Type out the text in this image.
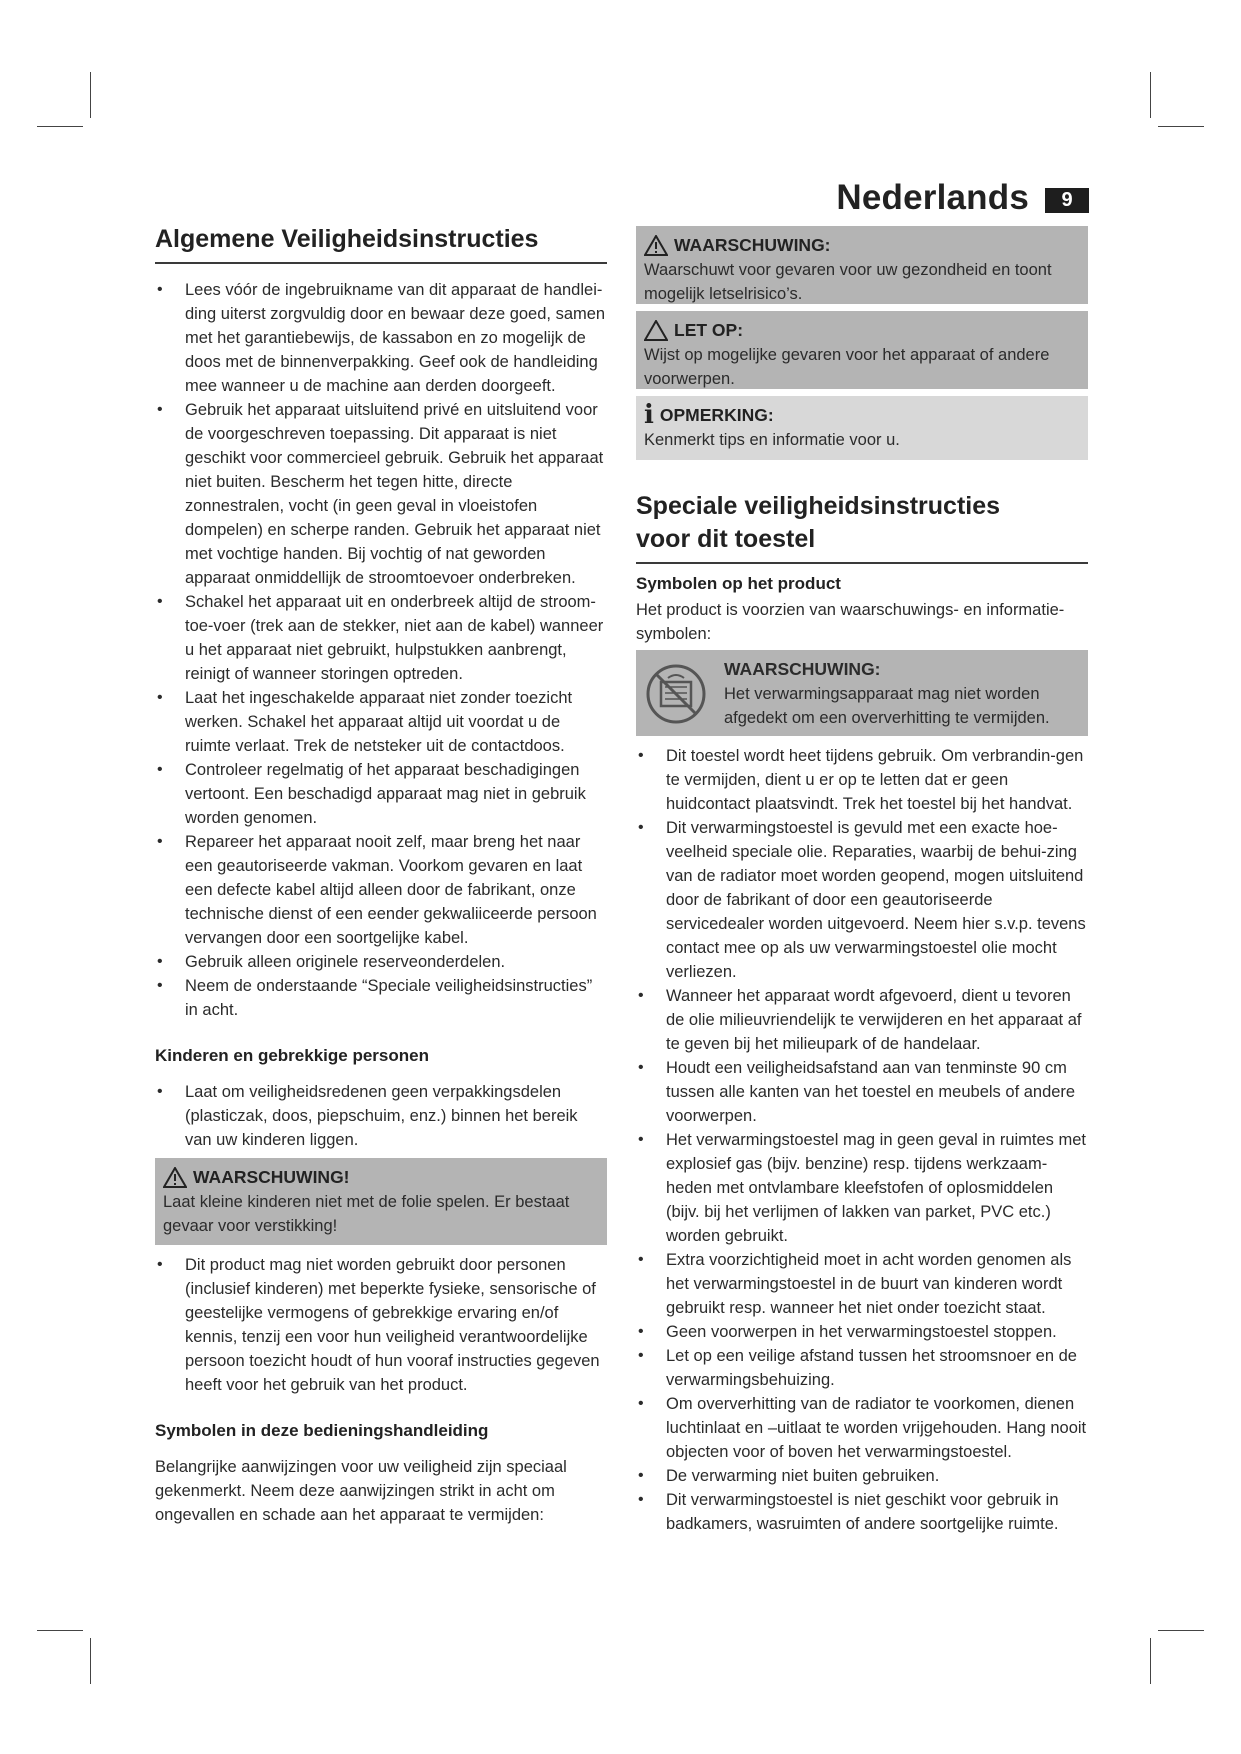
Nederlands	9
Algemene Veiligheidsinstructies
• Lees vóór de ingebruikname van dit apparaat de handlei-ding uiterst zorgvuldig door en bewaar deze goed, samen met het garantiebewijs, de kassabon en zo mogelijk de doos met de binnenverpakking. Geef ook de handleiding mee wanneer u de machine aan derden doorgeeft.
• Gebruik het apparaat uitsluitend privé en uitsluitend voor de voorgeschreven toepassing. Dit apparaat is niet geschikt voor commercieel gebruik. Gebruik het apparaat niet buiten. Bescherm het tegen hitte, directe zonnestralen, vocht (in geen geval in vloeistofen dompelen) en scherpe randen. Gebruik het apparaat niet met vochtige handen. Bij vochtig of nat geworden apparaat onmiddellijk de stroomtoevoer onderbreken.
• Schakel het apparaat uit en onderbreek altijd de stroom-toe-voer (trek aan de stekker, niet aan de kabel) wanneer u het apparaat niet gebruikt, hulpstukken aanbrengt, reinigt of wanneer storingen optreden.
• Laat het ingeschakelde apparaat niet zonder toezicht werken. Schakel het apparaat altijd uit voordat u de ruimte verlaat. Trek de netsteker uit de contactdoos.
• Controleer regelmatig of het apparaat beschadigingen vertoont. Een beschadigd apparaat mag niet in gebruik worden genomen.
• Repareer het apparaat nooit zelf, maar breng het naar een geautoriseerde vakman. Voorkom gevaren en laat een defecte kabel altijd alleen door de fabrikant, onze technische dienst of een eender gekwaliiceerde persoon vervangen door een soortgelijke kabel.
• Gebruik alleen originele reserveonderdelen.
• Neem de onderstaande “Speciale veiligheidsinstructies” in acht.
Kinderen en gebrekkige personen
• Laat om veiligheidsredenen geen verpakkingsdelen (plasticzak, doos, piepschuim, enz.) binnen het bereik van uw kinderen liggen.
WAARSCHUWING!
Laat kleine kinderen niet met de folie spelen. Er bestaat gevaar voor verstikking!
• Dit product mag niet worden gebruikt door personen (inclusief kinderen) met beperkte fysieke, sensorische of geestelijke vermogens of gebrekkige ervaring en/of kennis, tenzij een voor hun veiligheid verantwoordelijke persoon toezicht houdt of hun vooraf instructies gegeven heeft voor het gebruik van het product.
Symbolen in deze bedieningshandleiding

Belangrijke aanwijzingen voor uw veiligheid zijn speciaal gekenmerkt. Neem deze aanwijzingen strikt in acht om ongevallen en schade aan het apparaat te vermijden:

WAARSCHUWING:
Waarschuwt voor gevaren voor uw gezondheid en toont mogelijk letselrisico’s.
LET OP:
Wijst op mogelijke gevaren voor het apparaat of andere voorwerpen.
i OPMERKING:
Kenmerkt tips en informatie voor u.
Speciale veiligheidsinstructies
voor dit toestel
Symbolen op het product

Het product is voorzien van waarschuwings- en informatie-symbolen:

WAARSCHUWING:
Het verwarmingsapparaat mag niet worden afgedekt om een oververhitting te vermijden.
• Dit toestel wordt heet tijdens gebruik. Om verbrandin-gen te vermijden, dient u er op te letten dat er geen huidcontact plaatsvindt. Trek het toestel bij het handvat.
• Dit verwarmingstoestel is gevuld met een exacte hoe-veelheid speciale olie. Reparaties, waarbij de behui-zing van de radiator moet worden geopend, mogen uitsluitend door de fabrikant of door een geautoriseerde servicedealer worden uitgevoerd. Neem hier s.v.p. tevens contact mee op als uw verwarmingstoestel olie mocht verliezen.
• Wanneer het apparaat wordt afgevoerd, dient u tevoren de olie milieuvriendelijk te verwijderen en het apparaat af te geven bij het milieupark of de handelaar.
• Houdt een veiligheidsafstand aan van tenminste 90 cm tussen alle kanten van het toestel en meubels of andere voorwerpen.
• Het verwarmingstoestel mag in geen geval in ruimtes met explosief gas (bijv. benzine) resp. tijdens werkzaam-heden met ontvlambare kleefstofen of oplosmiddelen (bijv. bij het verlijmen of lakken van parket, PVC etc.) worden gebruikt.
• Extra voorzichtigheid moet in acht worden genomen als het verwarmingstoestel in de buurt van kinderen wordt gebruikt resp. wanneer het niet onder toezicht staat.
• Geen voorwerpen in het verwarmingstoestel stoppen.
• Let op een veilige afstand tussen het stroomsnoer en de verwarmingsbehuizing.
• Om oververhitting van de radiator te voorkomen, dienen luchtinlaat en –uitlaat te worden vrijgehouden. Hang nooit objecten voor of boven het verwarmingstoestel.
• De verwarming niet buiten gebruiken.
• Dit verwarmingstoestel is niet geschikt voor gebruik in badkamers, wasruimten of andere soortgelijke ruimte.
